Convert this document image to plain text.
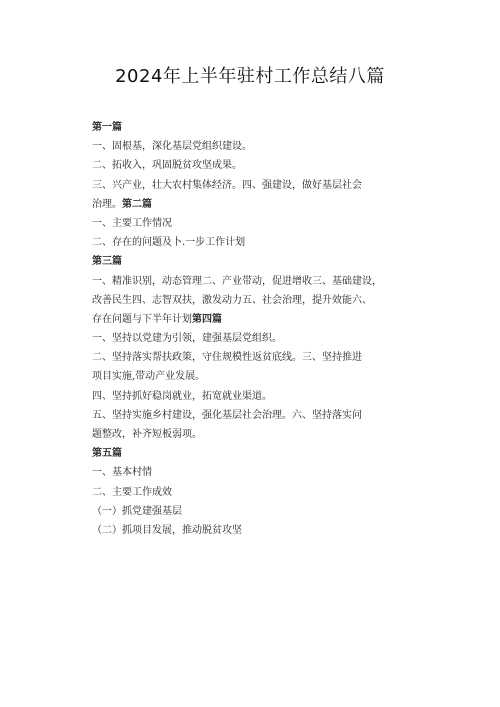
2024年上半年驻村工作总结八篇
第一篇
一、固根基，深化基层党组织建设。
二、拓收入，巩固脱贫攻坚成果。
三、兴产业，壮大农村集体经济。四、强建设，做好基层社会
治理。第二篇
一、主要工作情况
二、存在的问题及卜.一步工作计划
第三篇
一、精准识别，动态管理二、产业带动，促进增收三、基础建设，
改善民生四、志智双扶，激发动力五、社会治理，提升效能六、
存在问题与下半年计划第四篇
一、坚持以党建为引领，建强基层党组织。
二、坚持落实帮扶政策，守住规模性返贫底线。三、坚持推进
项目实施,带动产业发展。
四、坚持抓好稳岗就业，拓宽就业渠道。
五、坚持实施乡村建设，强化基层社会治理。六、坚持落实问
题整改，补齐短板弱项。
第五篇
一、基本村情
二、主要工作成效
（一）抓党建强基层
（二）抓项目发展，推动脱贫攻坚
